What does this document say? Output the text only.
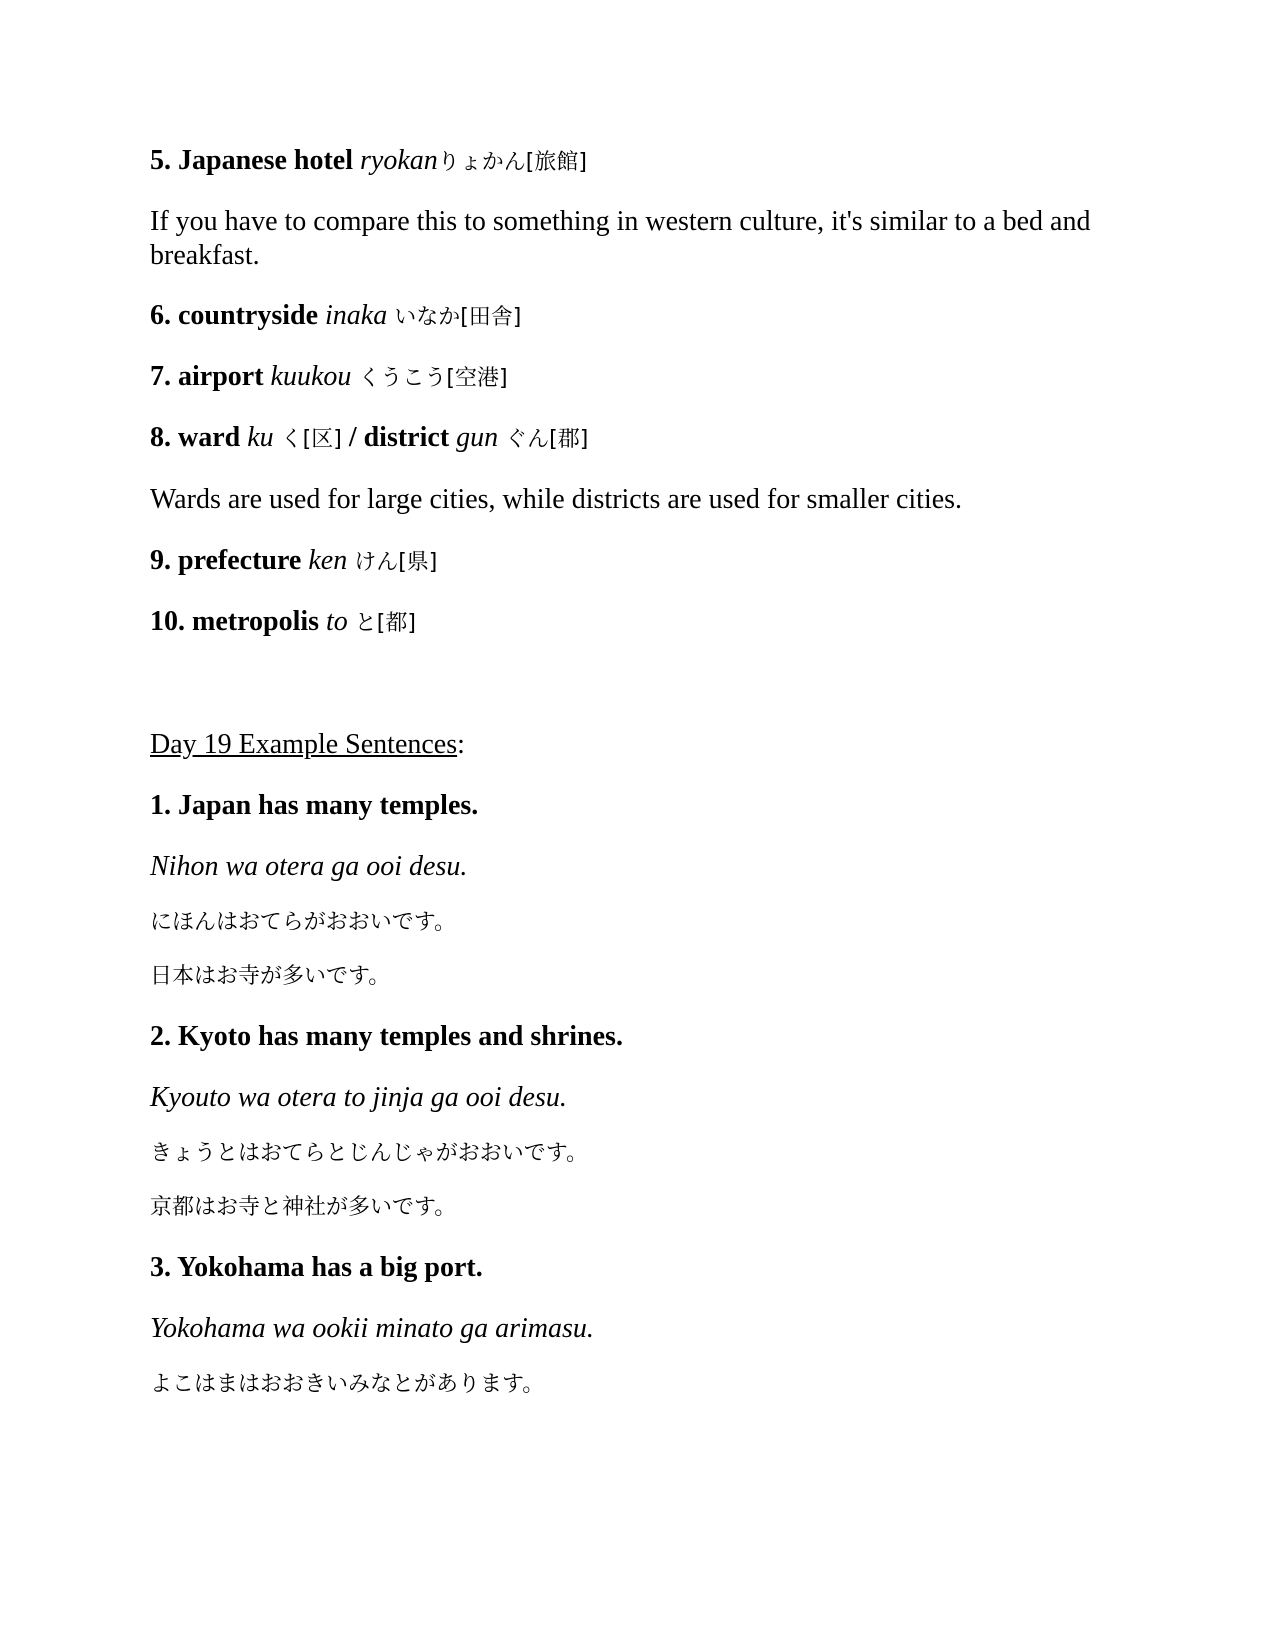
5. Japanese hotel ryokanりょかん[旅館]
If you have to compare this to something in western culture, it's similar to a bed and breakfast.
6. countryside inaka いなか[田舎]
7. airport kuukou くうこう[空港]
8. ward ku く[区] / district gun ぐん[郡]
Wards are used for large cities, while districts are used for smaller cities.
9. prefecture ken けん[県]
10. metropolis to と[都]
Day 19 Example Sentences:
1. Japan has many temples.
Nihon wa otera ga ooi desu.
にほんはおてらがおおいです。
日本はお寺が多いです。
2. Kyoto has many temples and shrines.
Kyouto wa otera to jinja ga ooi desu.
きょうとはおてらとじんじゃがおおいです。
京都はお寺と神社が多いです。
3. Yokohama has a big port.
Yokohama wa ookii minato ga arimasu.
よこはまはおおきいみなとがあります。
